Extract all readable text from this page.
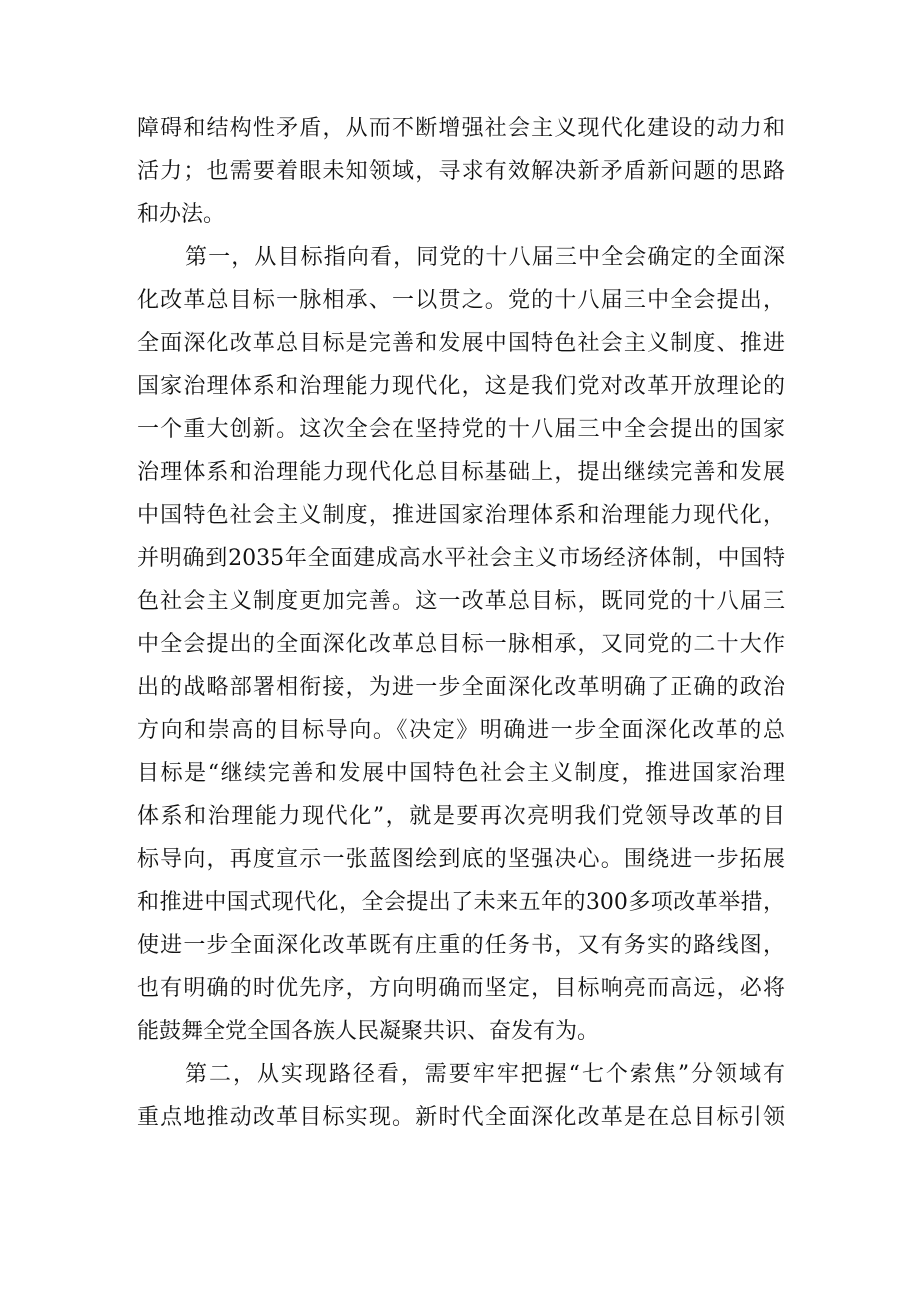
障碍和结构性矛盾，从而不断增强社会主义现代化建设的动力和
活力；也需要着眼未知领域，寻求有效解决新矛盾新问题的思路
和办法。
第一，从目标指向看，同党的十八届三中全会确定的全面深
化改革总目标一脉相承、一以贯之。党的十八届三中全会提出，
全面深化改革总目标是完善和发展中国特色社会主义制度、推进
国家治理体系和治理能力现代化，这是我们党对改革开放理论的
一个重大创新。这次全会在坚持党的十八届三中全会提出的国家
治理体系和治理能力现代化总目标基础上，提出继续完善和发展
中国特色社会主义制度，推进国家治理体系和治理能力现代化，
并明确到2035年全面建成高水平社会主义市场经济体制，中国特
色社会主义制度更加完善。这一改革总目标，既同党的十八届三
中全会提出的全面深化改革总目标一脉相承，又同党的二十大作
出的战略部署相衔接，为进一步全面深化改革明确了正确的政治
方向和崇高的目标导向。《决定》明确进一步全面深化改革的总
目标是“继续完善和发展中国特色社会主义制度，推进国家治理
体系和治理能力现代化”，就是要再次亮明我们党领导改革的目
标导向，再度宣示一张蓝图绘到底的坚强决心。围绕进一步拓展
和推进中国式现代化，全会提出了未来五年的300多项改革举措，
使进一步全面深化改革既有庄重的任务书，又有务实的路线图，
也有明确的时优先序，方向明确而坚定，目标响亮而高远，必将
能鼓舞全党全国各族人民凝聚共识、奋发有为。
第二，从实现路径看，需要牢牢把握“七个索焦”分领域有
重点地推动改革目标实现。新时代全面深化改革是在总目标引领
